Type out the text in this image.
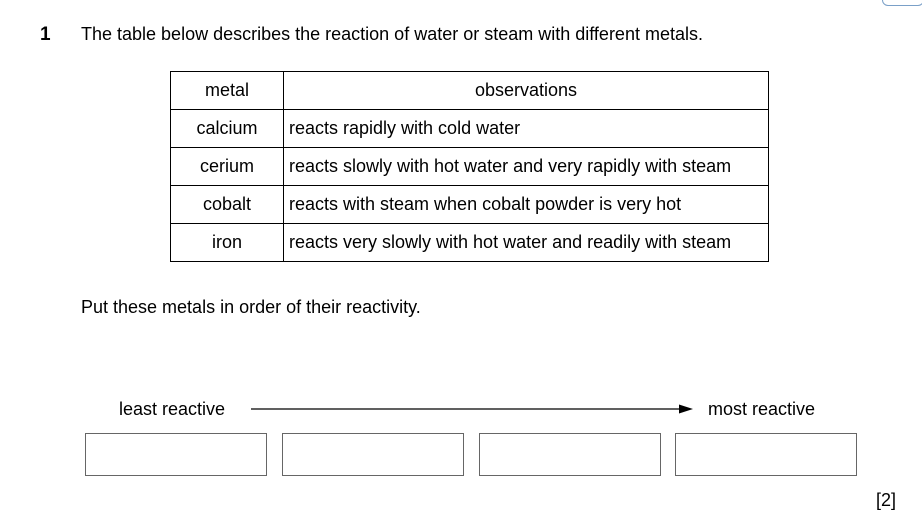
1 The table below describes the reaction of water or steam with different metals.
metal	observations
calcium	reacts rapidly with cold water
cerium	reacts slowly with hot water and very rapidly with steam
cobalt	reacts with steam when cobalt powder is very hot
iron	reacts very slowly with hot water and readily with steam
Put these metals in order of their reactivity.
least reactive	most reactive
[2]
